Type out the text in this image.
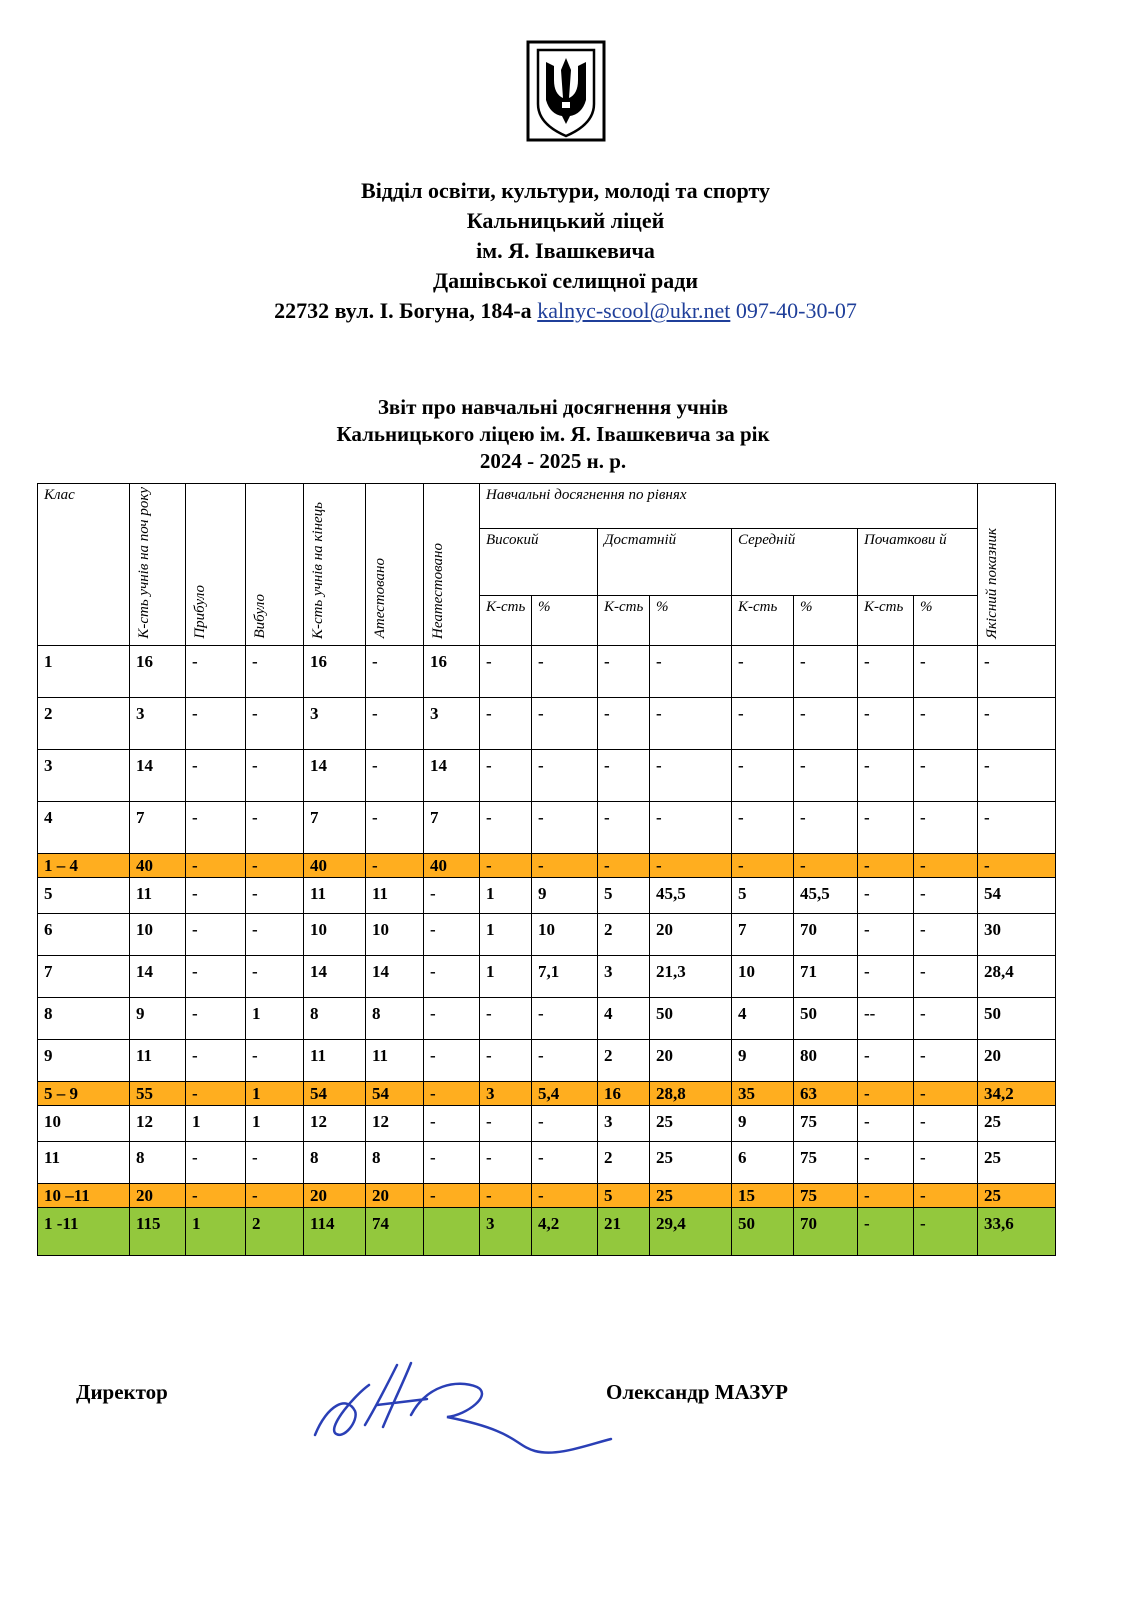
Відділ освіти, культури, молоді та спорту
Кальницький ліцей
ім. Я. Івашкевича
Дашівської селищної ради
22732 вул. І. Богуна, 184-а kalnyc-scool@ukr.net 097-40-30-07
Звіт про навчальні досягнення учнів
Кальницького ліцею ім. Я. Івашкевича за рік
2024 - 2025 н. р.
Клас	К-сть учнів на поч року	Прибуло	Вибуло	К-сть учнів на кінець	Атестовано	Неатестовано	Навчальні досягнення по рівнях								Якісний показник

							Високий		Достатній		Середній		Початкови й		
							К-сть	%	К-сть	%	К-сть	%	К-сть	%	
1	16	-	-	16	-	16	-	-	-	-	-	-	-	-	-
2	3	-	-	3	-	3	-	-	-	-	-	-	-	-	-
3	14	-	-	14	-	14	-	-	-	-	-	-	-	-	-
4	7	-	-	7	-	7	-	-	-	-	-	-	-	-	-
1 – 4	40	-	-	40	-	40	-	-	-	-	-	-	-	-	-
5	11	-	-	11	11	-	1	9	5	45,5	5	45,5	-	-	54
6	10	-	-	10	10	-	1	10	2	20	7	70	-	-	30
7	14	-	-	14	14	-	1	7,1	3	21,3	10	71	-	-	28,4
8	9	-	1	8	8	-	-	-	4	50	4	50	--	-	50
9	11	-	-	11	11	-	-	-	2	20	9	80	-	-	20
5 – 9	55	-	1	54	54	-	3	5,4	16	28,8	35	63	-	-	34,2
10	12	1	1	12	12	-	-	-	3	25	9	75	-	-	25
11	8	-	-	8	8	-	-	-	2	25	6	75	-	-	25
10 –11	20	-	-	20	20	-	-	-	5	25	15	75	-	-	25
1 -11	115	1	2	114	74		3	4,2	21	29,4	50	70	-	-	33,6
Директор	Олександр МАЗУР
